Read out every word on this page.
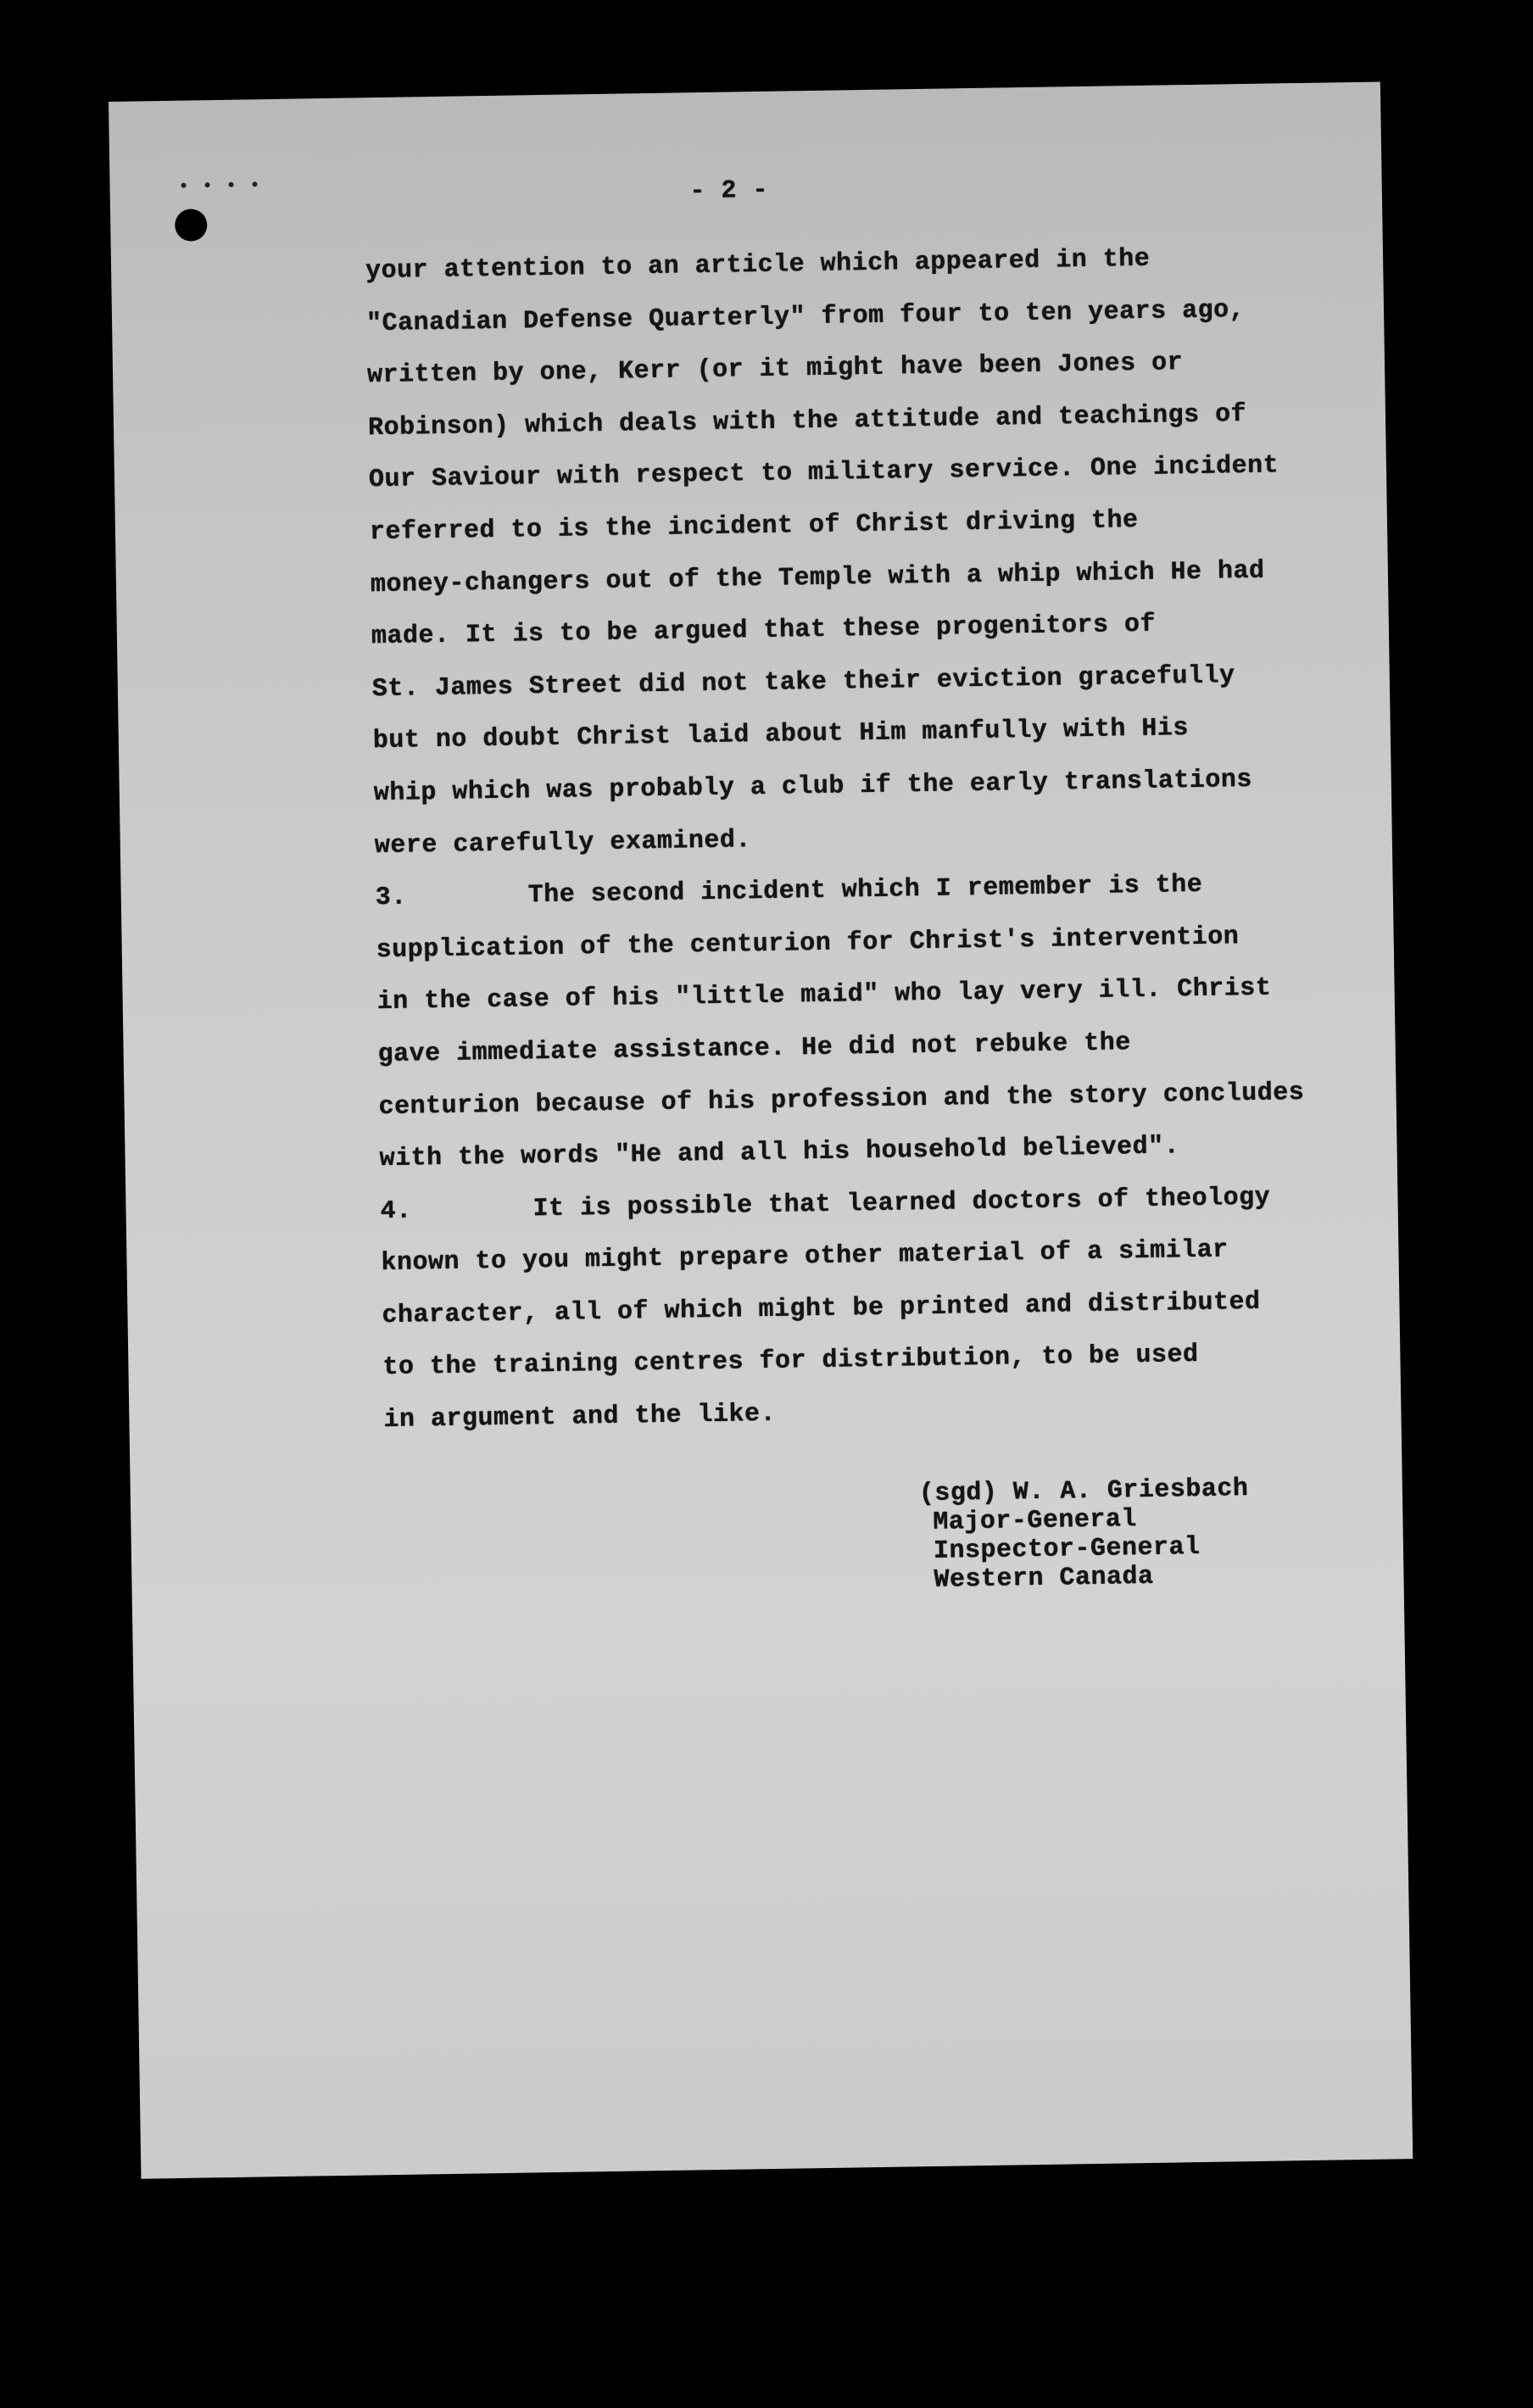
- 2 -
your attention to an article which appeared in the
"Canadian Defense Quarterly" from four to ten years ago,
written by one, Kerr (or it might have been Jones or
Robinson) which deals with the attitude and teachings of
Our Saviour with respect to military service. One incident
referred to is the incident of Christ driving the
money-changers out of the Temple with a whip which He had
made. It is to be argued that these progenitors of
St. James Street did not take their eviction gracefully
but no doubt Christ laid about Him manfully with His
whip which was probably a club if the early translations
were carefully examined.
3.	The second incident which I remember is the
supplication of the centurion for Christ's intervention
in the case of his "little maid" who lay very ill. Christ
gave immediate assistance. He did not rebuke the
centurion because of his profession and the story concludes
with the words "He and all his household believed".
4.	It is possible that learned doctors of theology
known to you might prepare other material of a similar
character, all of which might be printed and distributed
to the training centres for distribution, to be used
in argument and the like.
(sgd) W. A. Griesbach
Major-General
Inspector-General
Western Canada
